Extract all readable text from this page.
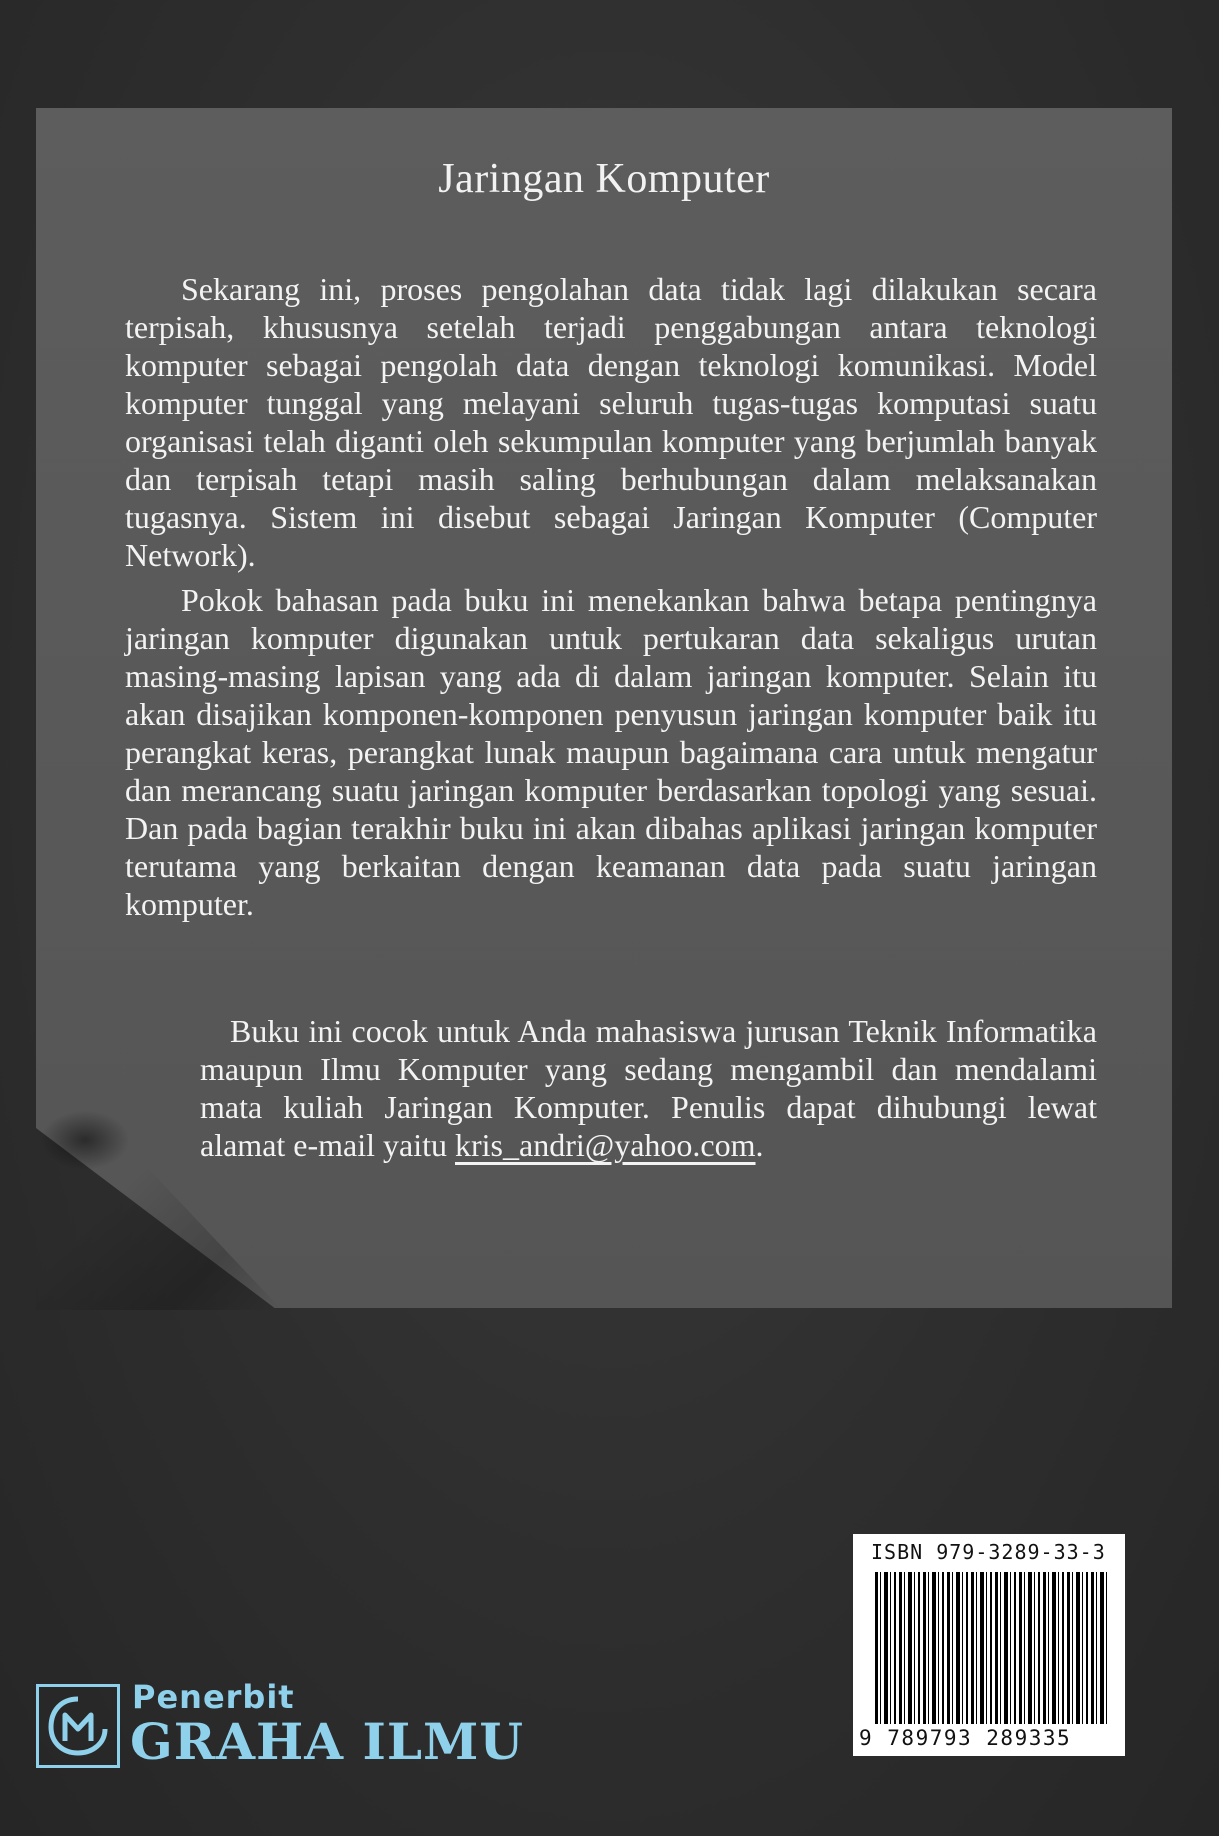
Jaringan Komputer

Sekarang ini, proses pengolahan data tidak lagi dilakukan secara terpisah, khususnya setelah terjadi penggabungan antara teknologi komputer sebagai pengolah data dengan teknologi komunikasi. Model komputer tunggal yang melayani seluruh tugas-tugas komputasi suatu organisasi telah diganti oleh sekumpulan komputer yang berjumlah banyak dan terpisah tetapi masih saling berhubungan dalam melaksanakan tugasnya. Sistem ini disebut sebagai Jaringan Komputer (Computer Network).

Pokok bahasan pada buku ini menekankan bahwa betapa pentingnya jaringan komputer digunakan untuk pertukaran data sekaligus urutan masing-masing lapisan yang ada di dalam jaringan komputer. Selain itu akan disajikan komponen-komponen penyusun jaringan komputer baik itu perangkat keras, perangkat lunak maupun bagaimana cara untuk mengatur dan merancang suatu jaringan komputer berdasarkan topologi yang sesuai. Dan pada bagian terakhir buku ini akan dibahas aplikasi jaringan komputer terutama yang berkaitan dengan keamanan data pada suatu jaringan komputer.

Buku ini cocok untuk Anda mahasiswa jurusan Teknik Informatika maupun Ilmu Komputer yang sedang mengambil dan mendalami mata kuliah Jaringan Komputer. Penulis dapat dihubungi lewat alamat e-mail yaitu kris_andri@yahoo.com.

ISBN 979-3289-33-3
9 789793 289335
Penerbit
GRAHA ILMU
